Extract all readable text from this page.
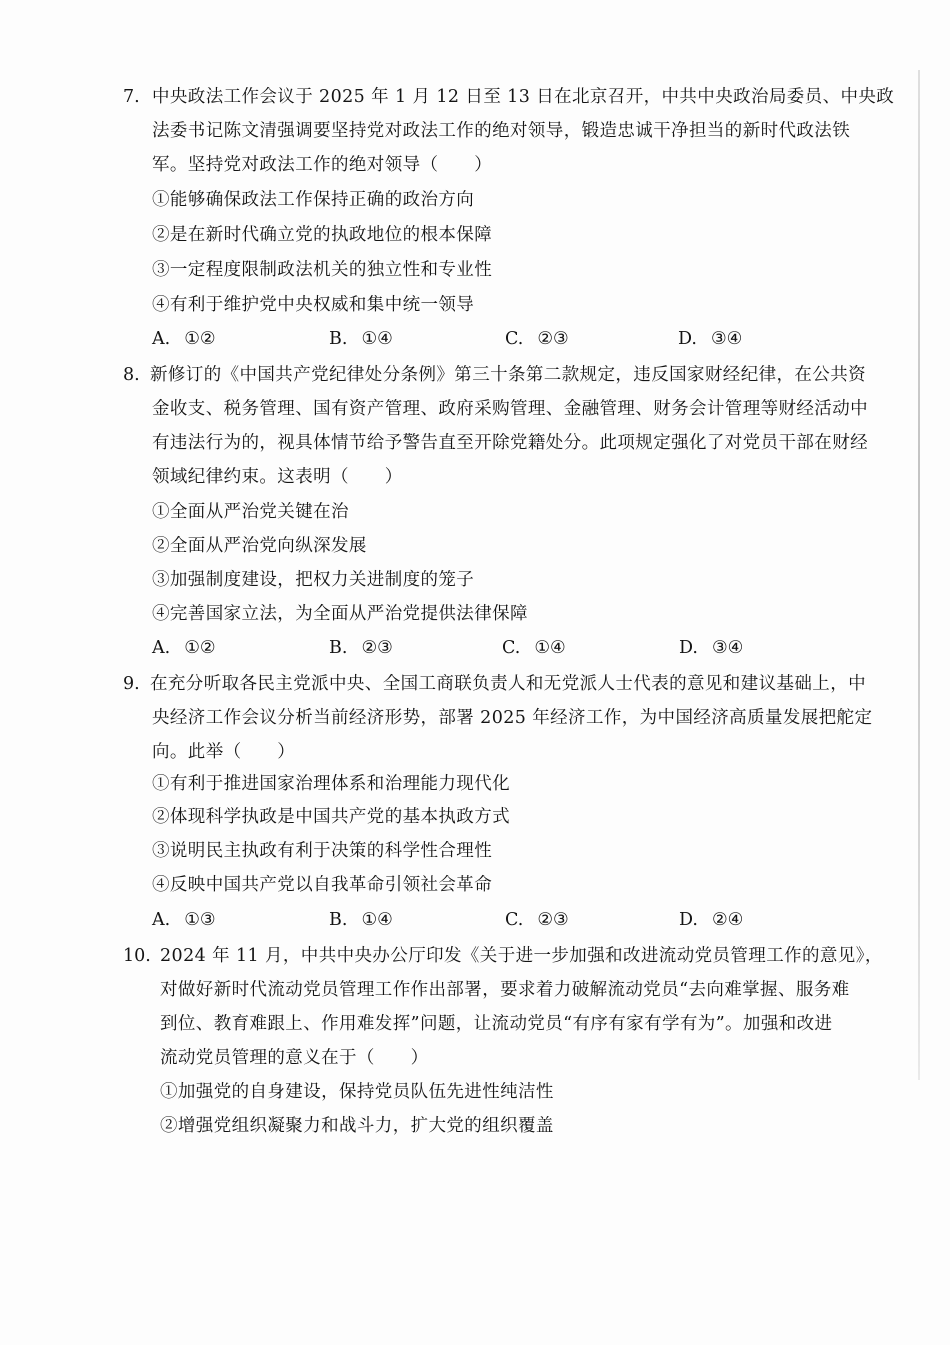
7. 中央政法工作会议于 2025 年 1 月 12 日至 13 日在北京召开，中共中央政治局委员、中央政
法委书记陈文清强调要坚持党对政法工作的绝对领导，锻造忠诚干净担当的新时代政法铁
军。坚持党对政法工作的绝对领导（　　）
①能够确保政法工作保持正确的政治方向
②是在新时代确立党的执政地位的根本保障
③一定程度限制政法机关的独立性和专业性
④有利于维护党中央权威和集中统一领导
A. ①②	B. ①④	C. ②③	D. ③④
8. 新修订的《中国共产党纪律处分条例》第三十条第二款规定，违反国家财经纪律，在公共资
金收支、税务管理、国有资产管理、政府采购管理、金融管理、财务会计管理等财经活动中
有违法行为的，视具体情节给予警告直至开除党籍处分。此项规定强化了对党员干部在财经
领域纪律约束。这表明（　　）
①全面从严治党关键在治
②全面从严治党向纵深发展
③加强制度建设，把权力关进制度的笼子
④完善国家立法，为全面从严治党提供法律保障
A. ①②	B. ②③	C. ①④	D. ③④
9. 在充分听取各民主党派中央、全国工商联负责人和无党派人士代表的意见和建议基础上，中
央经济工作会议分析当前经济形势，部署 2025 年经济工作，为中国经济高质量发展把舵定
向。此举（　　）
①有利于推进国家治理体系和治理能力现代化
②体现科学执政是中国共产党的基本执政方式
③说明民主执政有利于决策的科学性合理性
④反映中国共产党以自我革命引领社会革命
A. ①③	B. ①④	C. ②③	D. ②④
10. 2024 年 11 月，中共中央办公厅印发《关于进一步加强和改进流动党员管理工作的意见》，
对做好新时代流动党员管理工作作出部署，要求着力破解流动党员“去向难掌握、服务难
到位、教育难跟上、作用难发挥”问题，让流动党员“有序有家有学有为”。加强和改进
流动党员管理的意义在于（　　）
①加强党的自身建设，保持党员队伍先进性纯洁性
②增强党组织凝聚力和战斗力，扩大党的组织覆盖
